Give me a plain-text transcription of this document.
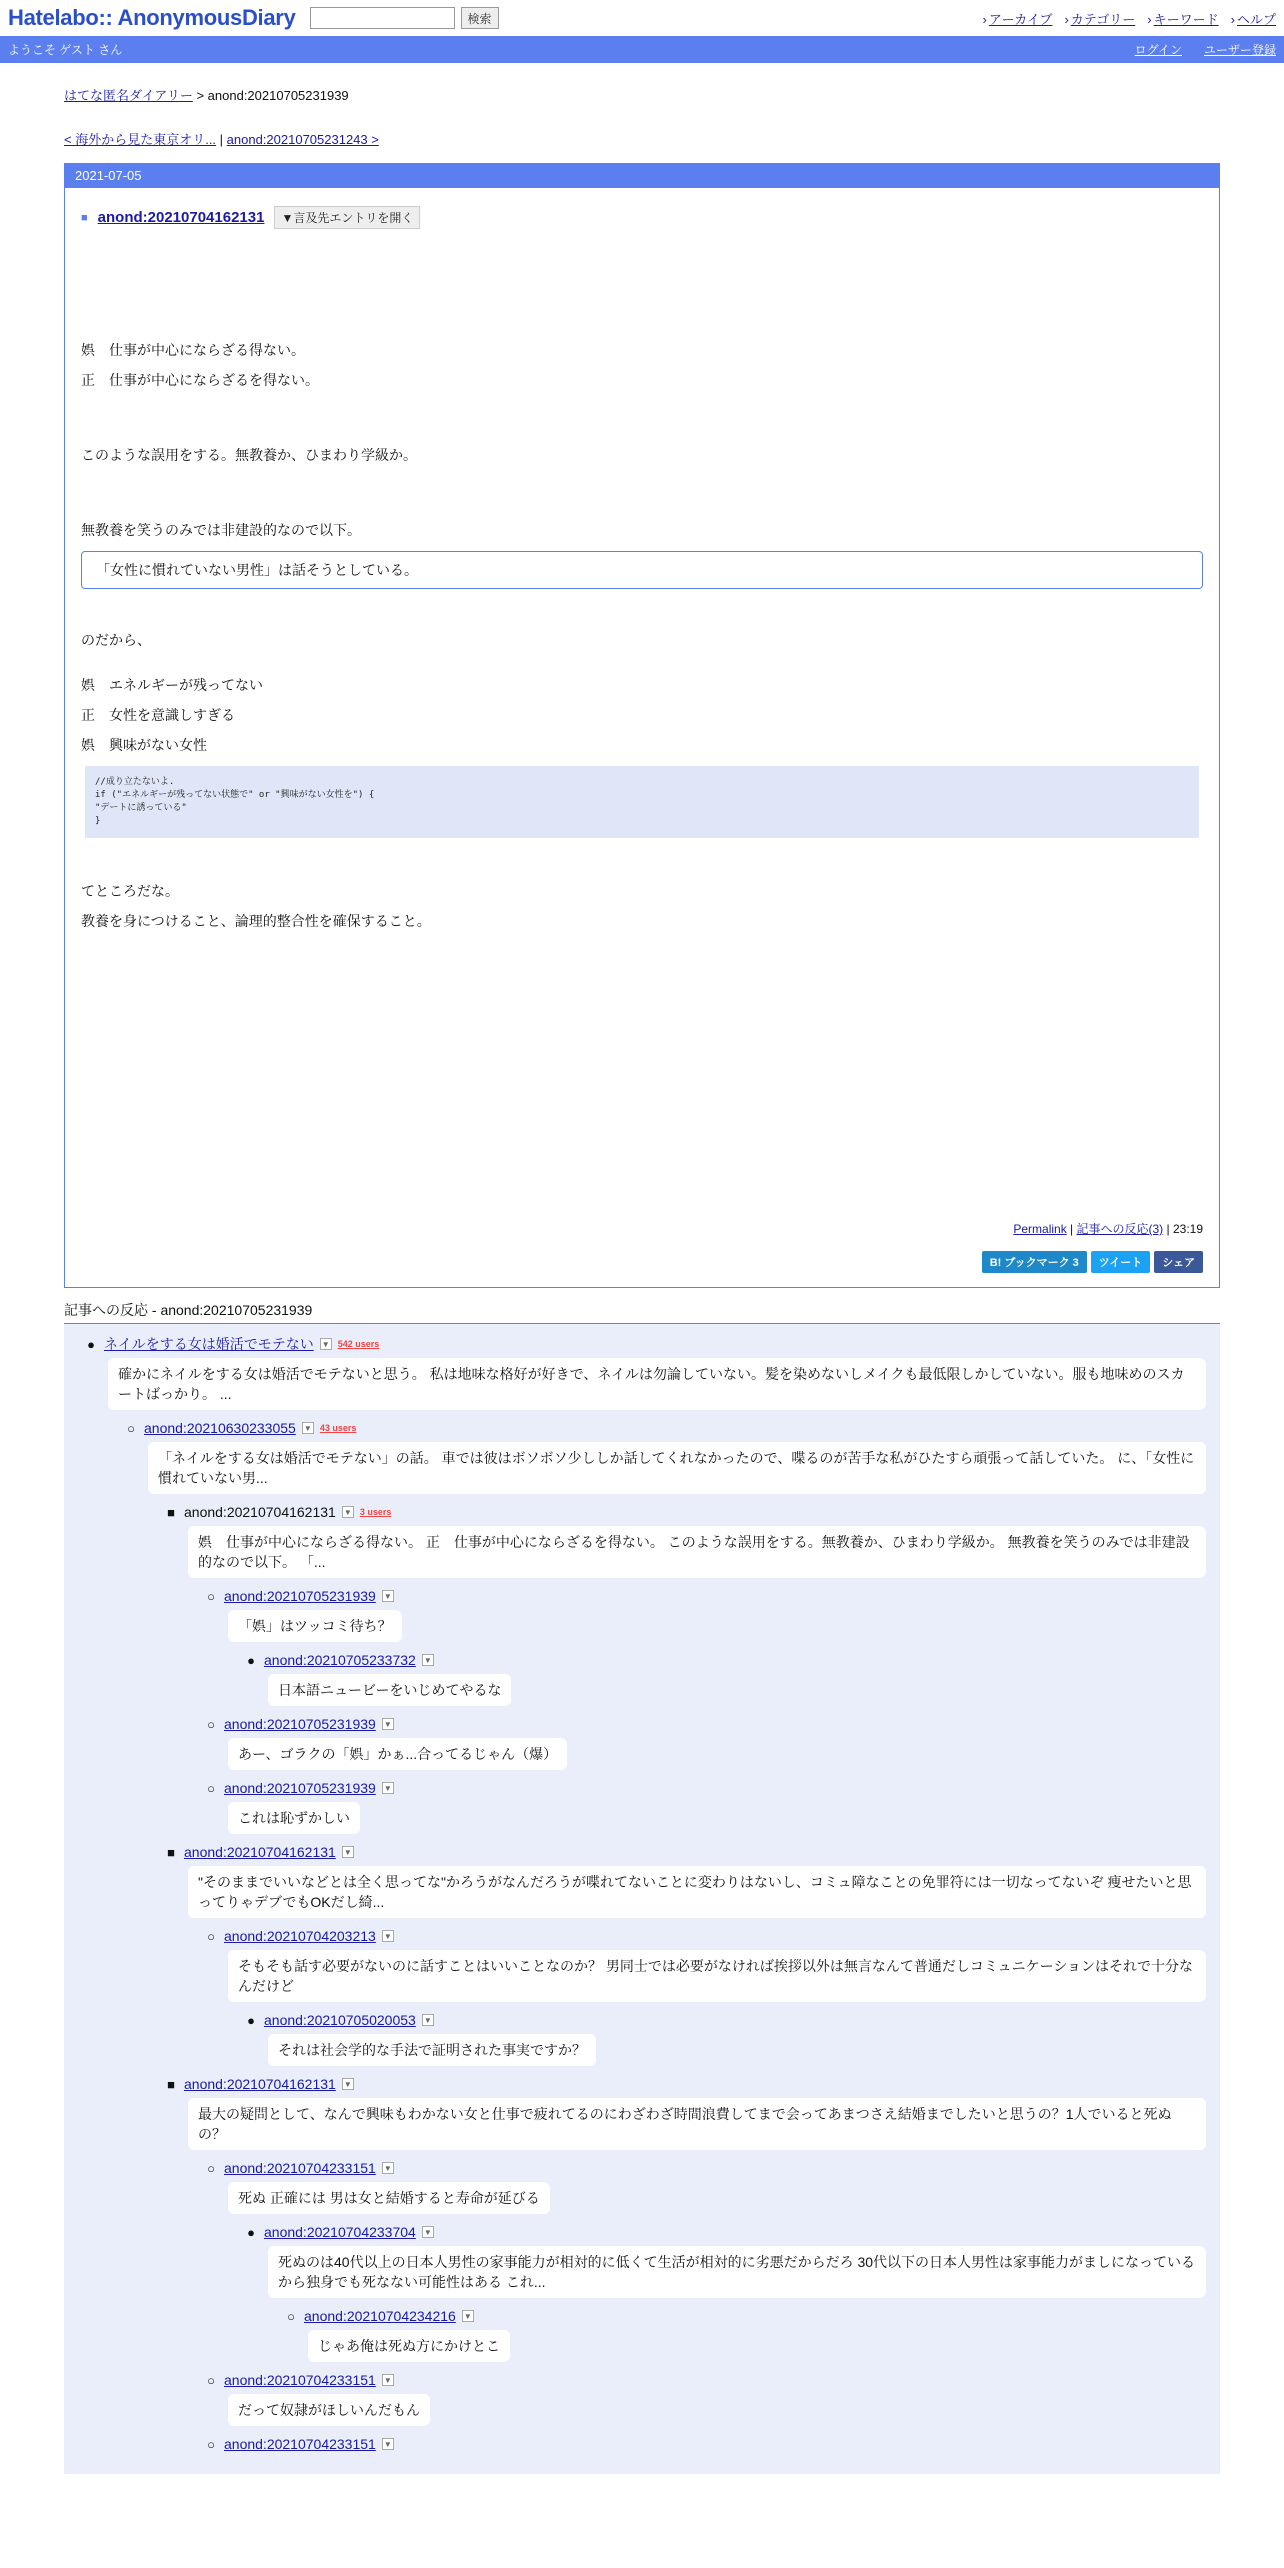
Hatelabo:: AnonymousDiary	検索	› アーカイブ	› カテゴリー	› キーワード	› ヘルプ
ようこそ ゲスト さん	ログイン ユーザー登録
はてな匿名ダイアリー > anond:20210705231939
< 海外から見た東京オリ... | anond:20210705231243 >
2021-07-05
■ anond:20210704162131	▼言及先エントリを開く
娯　仕事が中心にならざる得ない。
正　仕事が中心にならざるを得ない。
このような誤用をする。無教養か、ひまわり学級か。
無教養を笑うのみでは非建設的なので以下。
「女性に慣れていない男性」は話そうとしている。
のだから、
娯　エネルギーが残ってない
正　女性を意識しすぎる
娯　興味がない女性
//成り立たないよ.
if ("エネルギーが残ってない状態で" or "興味がない女性を") {
"デートに誘っている"
}
てところだな。
教養を身につけること、論理的整合性を確保すること。
Permalink | 記事への反応(3) | 23:19
B! ブックマーク 3	ツイート	シェア
記事への反応 - anond:20210705231939
● ネイルをする女は婚活でモテない ▼ 542 users
確かにネイルをする女は婚活でモテないと思う。 私は地味な格好が好きで、ネイルは勿論していない。髪を染めないしメイクも最低限しかしていない。服も地味めのスカートばっかり。 ...
○ anond:20210630233055 ▼ 43 users
「ネイルをする女は婚活でモテない」の話。 車では彼はボソボソ少ししか話してくれなかったので、喋るのが苦手な私がひたすら頑張って話していた。 に、「女性に慣れていない男...
■ anond:20210704162131 ▼ 3 users
娯　仕事が中心にならざる得ない。 正　仕事が中心にならざるを得ない。 このような誤用をする。無教養か、ひまわり学級か。 無教養を笑うのみでは非建設的なので以下。 「...
○ anond:20210705231939 ▼
「娯」はツッコミ待ち？
● anond:20210705233732 ▼
日本語ニュービーをいじめてやるな
○ anond:20210705231939 ▼
あー、ゴラクの「娯」かぁ...合ってるじゃん（爆）
○ anond:20210705231939 ▼
これは恥ずかしい
■ anond:20210704162131 ▼
"そのままでいいなどとは全く思ってな"かろうがなんだろうが喋れてないことに変わりはないし、コミュ障なことの免罪符には一切なってないぞ 痩せたいと思ってりゃデブでもOKだし綺...
○ anond:20210704203213 ▼
そもそも話す必要がないのに話すことはいいことなのか？ 男同士では必要がなければ挨拶以外は無言なんて普通だしコミュニケーションはそれで十分なんだけど
● anond:20210705020053 ▼
それは社会学的な手法で証明された事実ですか？
■ anond:20210704162131 ▼
最大の疑問として、なんで興味もわかない女と仕事で疲れてるのにわざわざ時間浪費してまで会ってあまつさえ結婚までしたいと思うの？1人でいると死ぬの？
○ anond:20210704233151 ▼
死ぬ 正確には 男は女と結婚すると寿命が延びる
● anond:20210704233704 ▼
死ぬのは40代以上の日本人男性の家事能力が相対的に低くて生活が相対的に劣悪だからだろ 30代以下の日本人男性は家事能力がましになっているから独身でも死なない可能性はある これ...
○ anond:20210704234216 ▼
じゃあ俺は死ぬ方にかけとこ
○ anond:20210704233151 ▼
だって奴隷がほしいんだもん
○ anond:20210704233151 ▼
